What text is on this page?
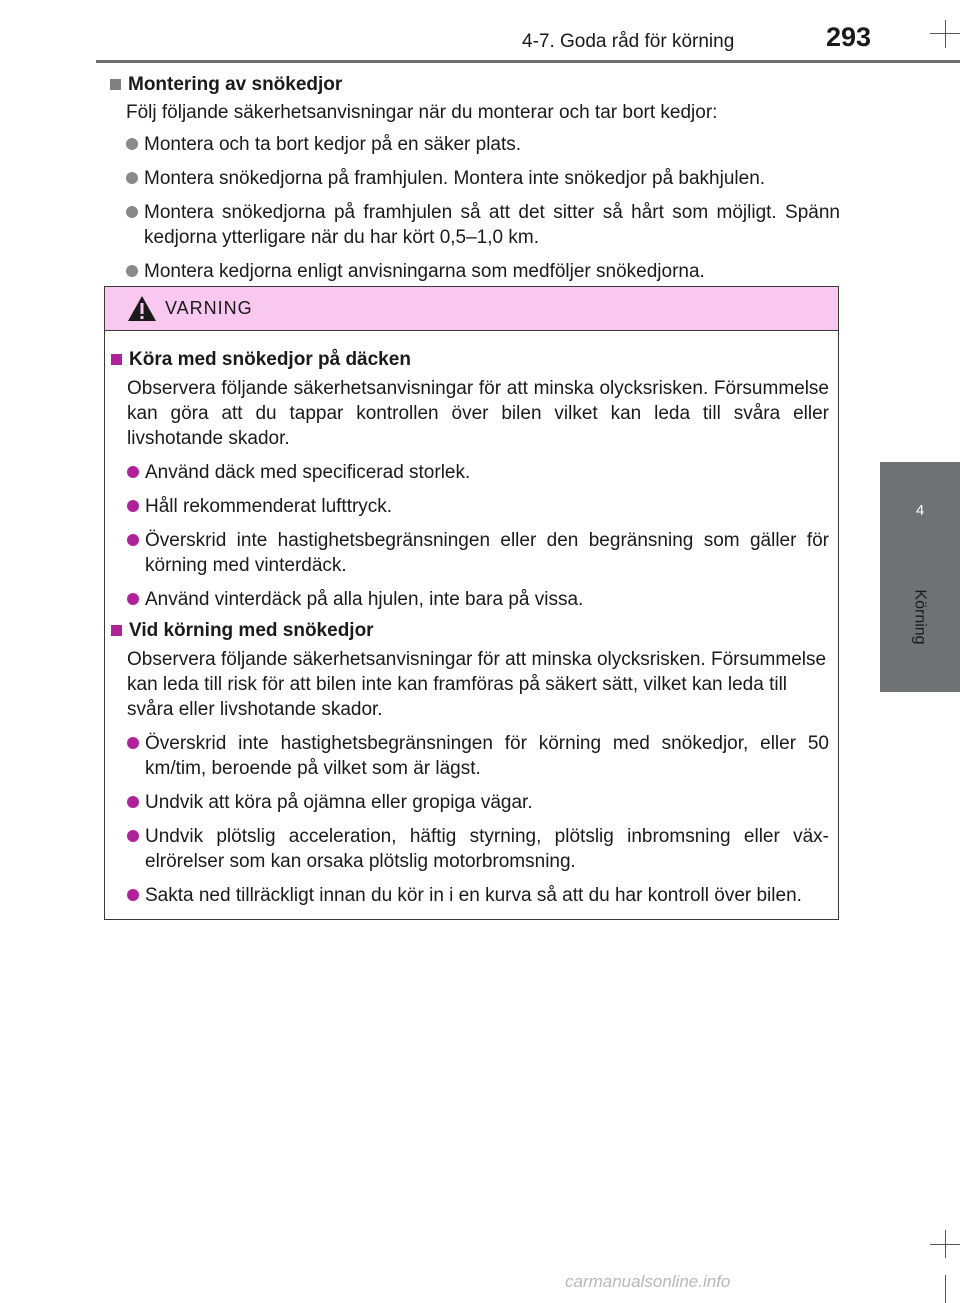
4-7. Goda råd för körning	293
4
Körning
Montering av snökedjor
Följ följande säkerhetsanvisningar när du monterar och tar bort kedjor:
Montera och ta bort kedjor på en säker plats.
Montera snökedjorna på framhjulen. Montera inte snökedjor på bakhjulen.
Montera snökedjorna på framhjulen så att det sitter så hårt som möjligt. Spänn kedjorna ytterligare när du har kört 0,5–1,0 km.
Montera kedjorna enligt anvisningarna som medföljer snökedjorna.
VARNING
Köra med snökedjor på däcken
Observera följande säkerhetsanvisningar för att minska olycksrisken. Försummelse kan göra att du tappar kontrollen över bilen vilket kan leda till svåra eller livshotande skador.
Använd däck med specificerad storlek.
Håll rekommenderat lufttryck.
Överskrid inte hastighetsbegränsningen eller den begränsning som gäller för körning med vinterdäck.
Använd vinterdäck på alla hjulen, inte bara på vissa.
Vid körning med snökedjor
Observera följande säkerhetsanvisningar för att minska olycksrisken. Försummelse kan leda till risk för att bilen inte kan framföras på säkert sätt, vilket kan leda till svåra eller livshotande skador.
Överskrid inte hastighetsbegränsningen för körning med snökedjor, eller 50 km/tim, beroende på vilket som är lägst.
Undvik att köra på ojämna eller gropiga vägar.
Undvik plötslig acceleration, häftig styrning, plötslig inbromsning eller väx-elrörelser som kan orsaka plötslig motorbromsning.
Sakta ned tillräckligt innan du kör in i en kurva så att du har kontroll över bilen.
carmanualsonline.info
